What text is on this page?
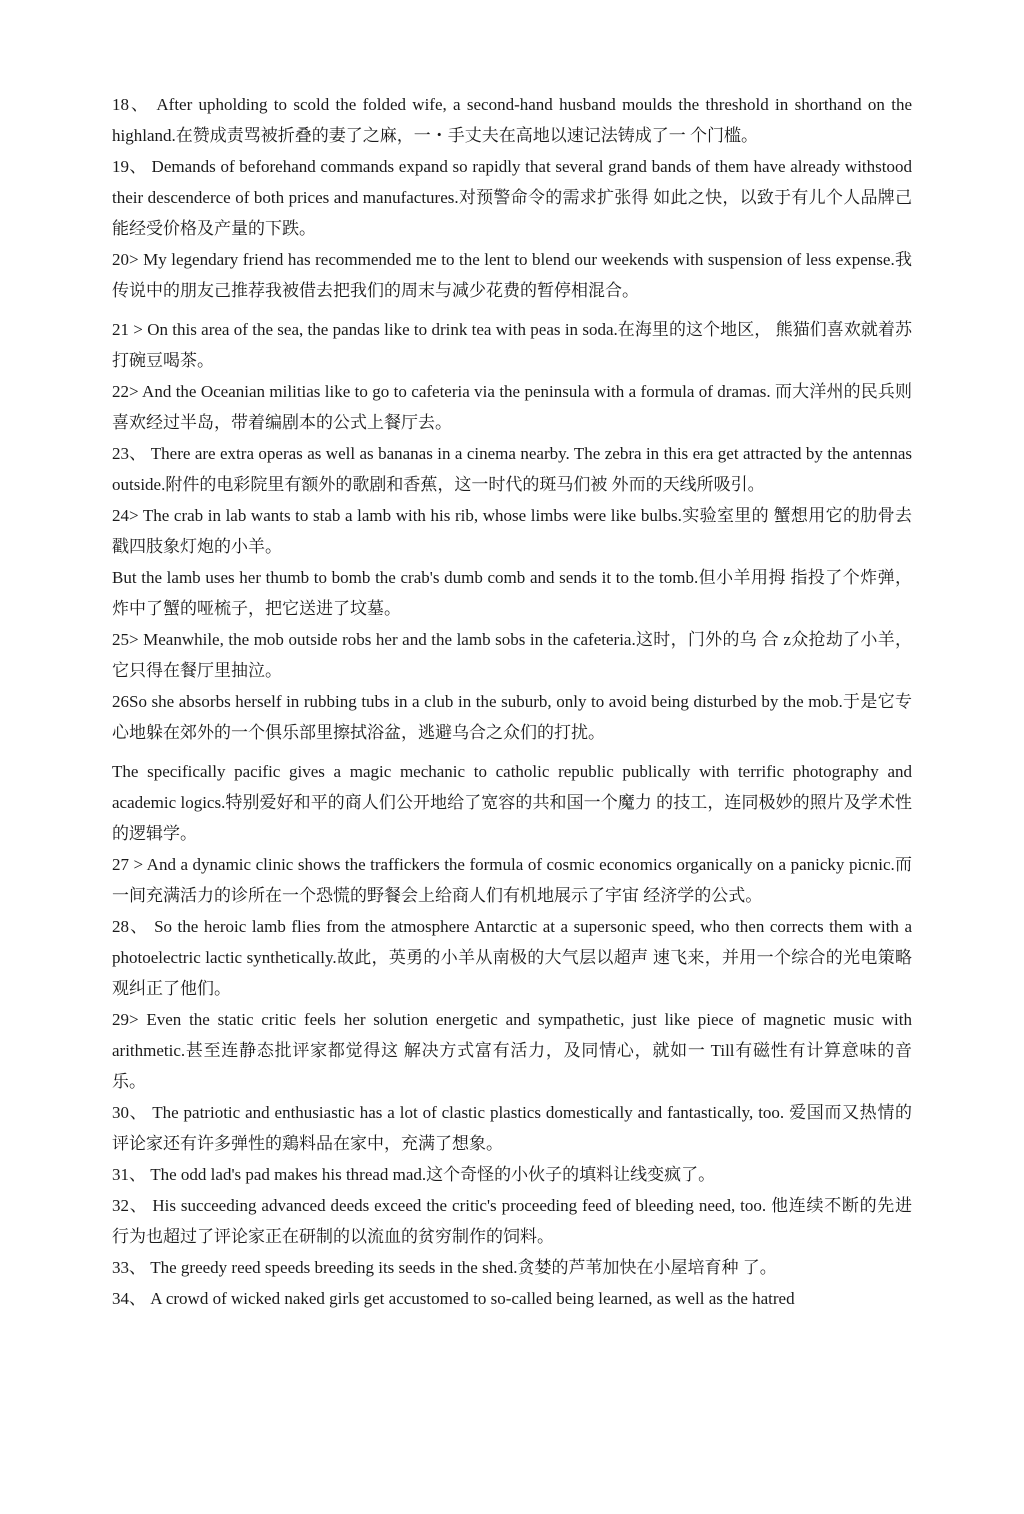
18、 After upholding to scold the folded wife, a second-hand husband moulds the threshold in shorthand on the highland.在赞成责骂被折叠的妻了之麻，一・手丈夫在高地以速记法铸成了一 个门槛。

19、 Demands of beforehand commands expand so rapidly that several grand bands of them have already withstood their descenderce of both prices and manufactures.对预警命令的需求扩张得 如此之快，以致于有儿个人品牌己能经受价格及产量的下跌。

20> My legendary friend has recommended me to the lent to blend our weekends with suspension of less expense.我传说中的朋友己推荐我被借去把我们的周末与减少花费的暂停相混合。

21 > On this area of the sea, the pandas like to drink tea with peas in soda.在海里的这个地区， 熊猫们喜欢就着苏打碗豆喝茶。

22> And the Oceanian militias like to go to cafeteria via the peninsula with a formula of dramas. 而大洋州的民兵则喜欢经过半岛，带着编剧本的公式上餐厅去。

23、 There are extra operas as well as bananas in a cinema nearby. The zebra in this era get attracted by the antennas outside.附件的电彩院里有额外的歌剧和香蕉，这一时代的斑马们被 外而的天线所吸引。

24> The crab in lab wants to stab a lamb with his rib, whose limbs were like bulbs.实验室里的 蟹想用它的肋骨去戳四肢象灯炮的小羊。

But the lamb uses her thumb to bomb the crab's dumb comb and sends it to the tomb.但小羊用拇 指投了个炸弹，炸中了蟹的哑梳子，把它送进了坟墓。

25> Meanwhile, the mob outside robs her and the lamb sobs in the cafeteria.这时，门外的乌 合 z众抢劫了小羊，它只得在餐厅里抽泣。

26So she absorbs herself in rubbing tubs in a club in the suburb, only to avoid being disturbed by the mob.于是它专心地躲在郊外的一个俱乐部里擦拭浴盆，逃避乌合之众们的打扰。

The specifically pacific gives a magic mechanic to catholic republic publically with terrific photography and academic logics.特别爱好和平的商人们公开地给了宽容的共和国一个魔力 的技工，连同极妙的照片及学术性的逻辑学。

27 > And a dynamic clinic shows the traffickers the formula of cosmic economics organically on a panicky picnic.而一间充满活力的诊所在一个恐慌的野餐会上给商人们有机地展示了宇宙 经济学的公式。

28、 So the heroic lamb flies from the atmosphere Antarctic at a supersonic speed, who then corrects them with a photoelectric lactic synthetically.故此，英勇的小羊从南极的大气层以超声 速飞来，并用一个综合的光电策略观纠正了他们。

29> Even the static critic feels her solution energetic and sympathetic, just like piece of magnetic music with arithmetic.甚至连静态批评家都觉得这 解决方式富有活力，及同情心，就如一 Till有磁性有计算意味的音乐。

30、 The patriotic and enthusiastic has a lot of clastic plastics domestically and fantastically, too. 爱国而又热情的评论家还有许多弹性的鶏料品在家中，充满了想象。

31、 The odd lad's pad makes his thread mad.这个奇怪的小伙子的填料让线变疯了。

32、 His succeeding advanced deeds exceed the critic's proceeding feed of bleeding need, too. 他连续不断的先进行为也超过了评论家正在研制的以流血的贫穷制作的饲料。

33、 The greedy reed speeds breeding its seeds in the shed.贪婪的芦苇加快在小屋培育种 了。

34、 A crowd of wicked naked girls get accustomed to so-called being learned, as well as the hatred
